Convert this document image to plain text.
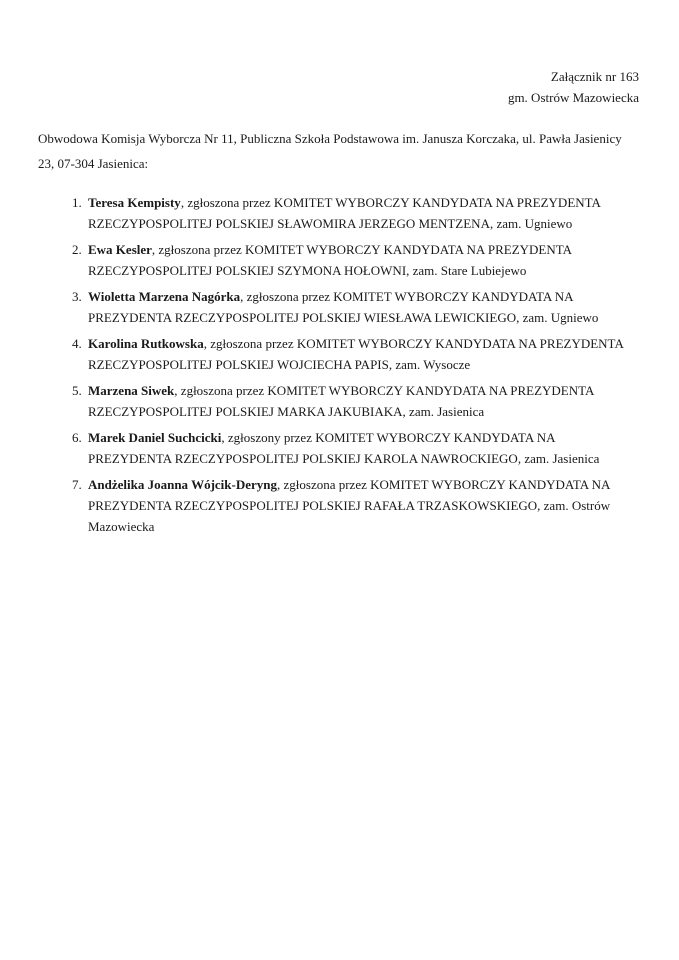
Załącznik nr 163
gm. Ostrów Mazowiecka

Obwodowa Komisja Wyborcza Nr 11, Publiczna Szkoła Podstawowa im. Janusza Korczaka, ul. Pawła Jasienicy 23, 07-304 Jasienica:

1. Teresa Kempisty, zgłoszona przez KOMITET WYBORCZY KANDYDATA NA PREZYDENTA RZECZYPOSPOLITEJ POLSKIEJ SŁAWOMIRA JERZEGO MENTZENA, zam. Ugniewo
2. Ewa Kesler, zgłoszona przez KOMITET WYBORCZY KANDYDATA NA PREZYDENTA RZECZYPOSPOLITEJ POLSKIEJ SZYMONA HOŁOWNI, zam. Stare Lubiejewo
3. Wioletta Marzena Nagórka, zgłoszona przez KOMITET WYBORCZY KANDYDATA NA PREZYDENTA RZECZYPOSPOLITEJ POLSKIEJ WIESŁAWA LEWICKIEGO, zam. Ugniewo
4. Karolina Rutkowska, zgłoszona przez KOMITET WYBORCZY KANDYDATA NA PREZYDENTA RZECZYPOSPOLITEJ POLSKIEJ WOJCIECHA PAPIS, zam. Wysocze
5. Marzena Siwek, zgłoszona przez KOMITET WYBORCZY KANDYDATA NA PREZYDENTA RZECZYPOSPOLITEJ POLSKIEJ MARKA JAKUBIAKA, zam. Jasienica
6. Marek Daniel Suchcicki, zgłoszony przez KOMITET WYBORCZY KANDYDATA NA PREZYDENTA RZECZYPOSPOLITEJ POLSKIEJ KAROLA NAWROCKIEGO, zam. Jasienica
7. Andżelika Joanna Wójcik-Deryng, zgłoszona przez KOMITET WYBORCZY KANDYDATA NA PREZYDENTA RZECZYPOSPOLITEJ POLSKIEJ RAFAŁA TRZASKOWSKIEGO, zam. Ostrów Mazowiecka
